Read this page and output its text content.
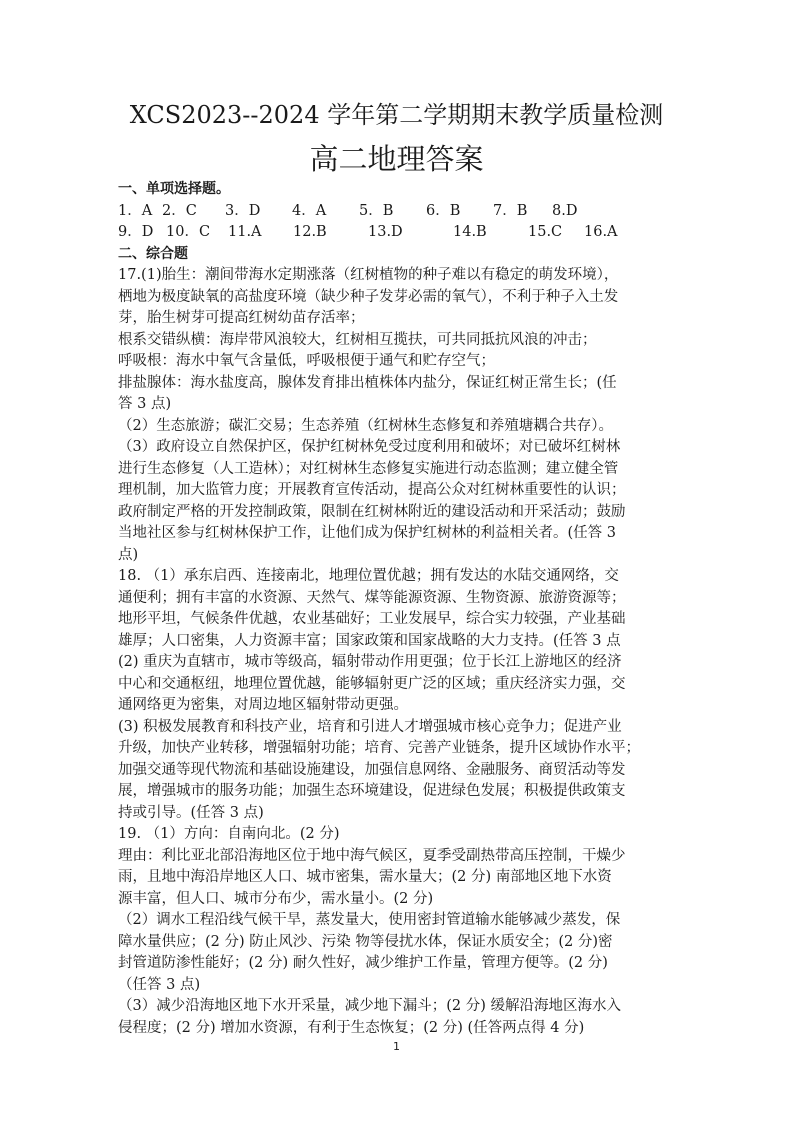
XCS2023--2024 学年第二学期期末教学质量检测
高二地理答案
一、单项选择题。
1．A 2．C	3．D	4．A	5．B	6．B	7．B	8.D
9．D 10．C	11.A	12.B	13.D	14.B	15.C	16.A
二、综合题
17.(1)胎生：潮间带海水定期涨落（红树植物的种子难以有稳定的萌发环境），
栖地为极度缺氧的高盐度环境（缺少种子发芽必需的氧气），不利于种子入土发
芽，胎生树芽可提高红树幼苗存活率；
根系交错纵横：海岸带风浪较大，红树相互揽扶，可共同抵抗风浪的冲击；
呼吸根：海水中氧气含量低，呼吸根便于通气和贮存空气；
排盐腺体：海水盐度高，腺体发育排出植株体内盐分，保证红树正常生长；(任
答 3 点)
（2）生态旅游；碳汇交易；生态养殖（红树林生态修复和养殖塘耦合共存）。
（3）政府设立自然保护区，保护红树林免受过度利用和破坏；对已破坏红树林
进行生态修复（人工造林）；对红树林生态修复实施进行动态监测；建立健全管
理机制，加大监管力度；开展教育宣传活动，提高公众对红树林重要性的认识；
政府制定严格的开发控制政策，限制在红树林附近的建设活动和开采活动；鼓励
当地社区参与红树林保护工作，让他们成为保护红树林的利益相关者。(任答 3
点)
18. （1）承东启西、连接南北，地理位置优越；拥有发达的水陆交通网络，交
通便利；拥有丰富的水资源、天然气、煤等能源资源、生物资源、旅游资源等；
地形平坦，气候条件优越，农业基础好；工业发展早，综合实力较强，产业基础
雄厚；人口密集，人力资源丰富；国家政策和国家战略的大力支持。(任答 3 点
(2) 重庆为直辖市，城市等级高，辐射带动作用更强；位于长江上游地区的经济
中心和交通枢纽，地理位置优越，能够辐射更广泛的区域；重庆经济实力强，交
通网络更为密集，对周边地区辐射带动更强。
(3) 积极发展教育和科技产业，培育和引进人才增强城市核心竞争力；促进产业
升级，加快产业转移，增强辐射功能；培育、完善产业链条，提升区域协作水平；
加强交通等现代物流和基础设施建设，加强信息网络、金融服务、商贸活动等发
展，增强城市的服务功能；加强生态环境建设，促进绿色发展；积极提供政策支
持或引导。(任答 3 点)
19. （1）方向：自南向北。(2 分)
理由：利比亚北部沿海地区位于地中海气候区，夏季受副热带高压控制，干燥少
雨，且地中海沿岸地区人口、城市密集，需水量大；(2 分) 南部地区地下水资
源丰富，但人口、城市分布少，需水量小。(2 分)
（2）调水工程沿线气候干旱，蒸发量大，使用密封管道输水能够减少蒸发，保
障水量供应；(2 分) 防止风沙、污染 物等侵扰水体，保证水质安全；(2 分)密
封管道防渗性能好；(2 分) 耐久性好，减少维护工作量，管理方便等。(2 分)
（任答 3 点)
（3）减少沿海地区地下水开采量，减少地下漏斗；(2 分) 缓解沿海地区海水入
侵程度；(2 分) 增加水资源，有利于生态恢复；(2 分) (任答两点得 4 分)
1
